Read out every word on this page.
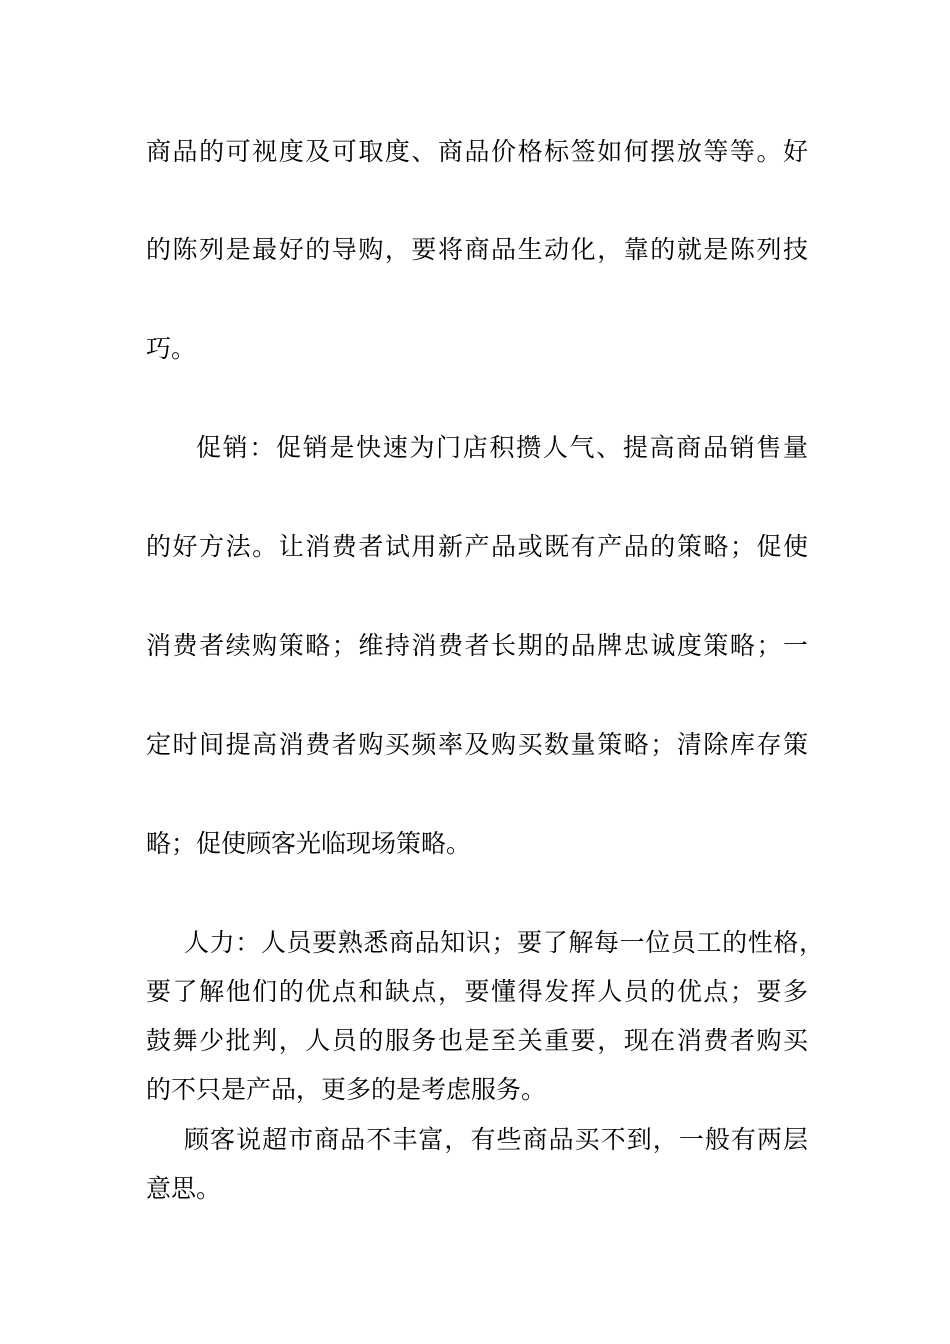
商品的可视度及可取度、商品价格标签如何摆放等等。好
的陈列是最好的导购，要将商品生动化，靠的就是陈列技
巧。
促销：促销是快速为门店积攒人气、提高商品销售量
的好方法。让消费者试用新产品或既有产品的策略；促使
消费者续购策略；维持消费者长期的品牌忠诚度策略；一
定时间提高消费者购买频率及购买数量策略；清除库存策
略；促使顾客光临现场策略。
人力：人员要熟悉商品知识；要了解每一位员工的性格，
要了解他们的优点和缺点，要懂得发挥人员的优点；要多
鼓舞少批判，人员的服务也是至关重要，现在消费者购买
的不只是产品，更多的是考虑服务。
顾客说超市商品不丰富，有些商品买不到，一般有两层
意思。
